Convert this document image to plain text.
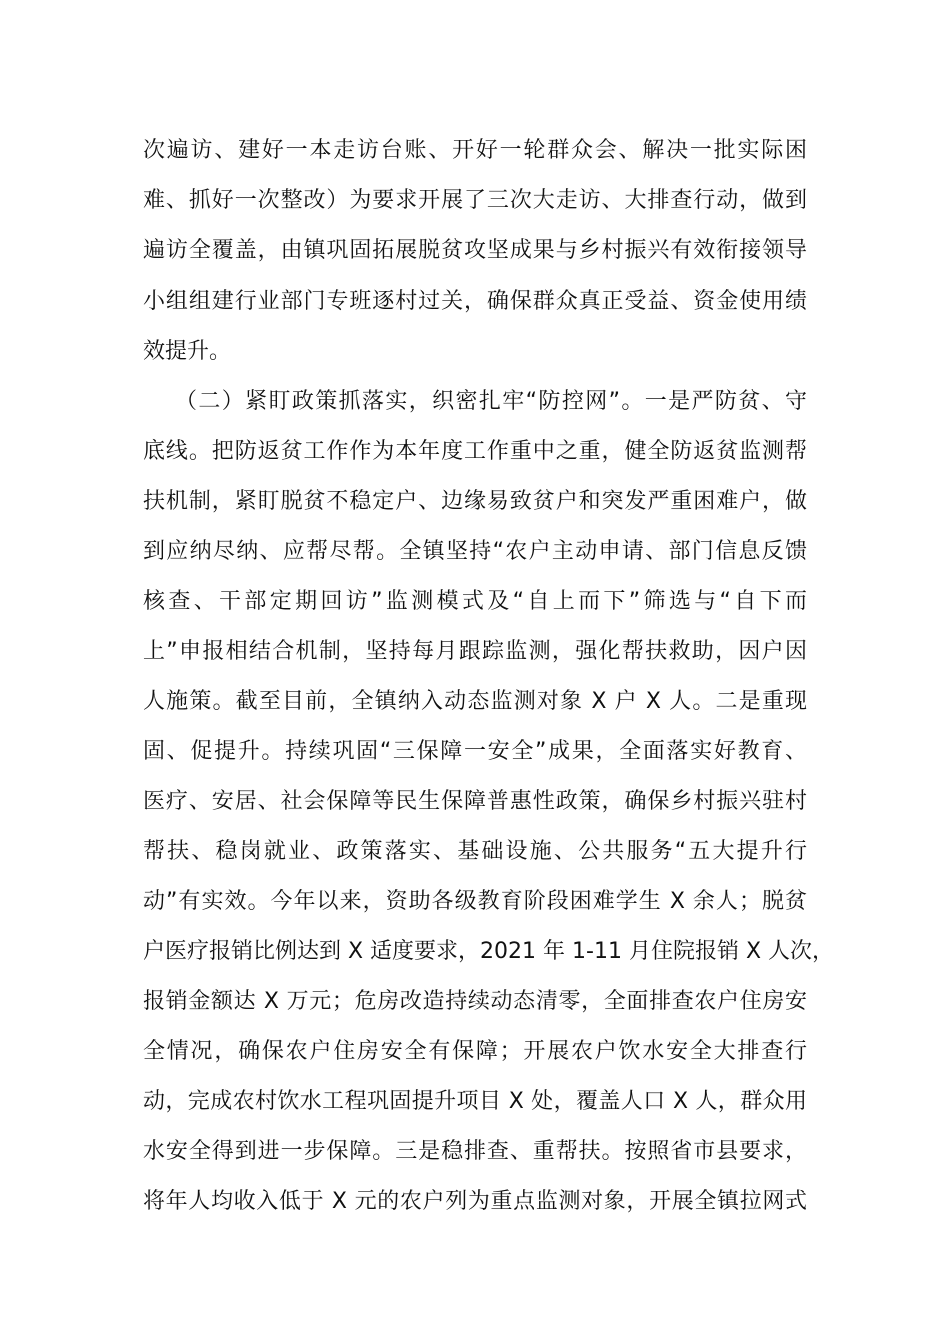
次遍访、建好一本走访台账、开好一轮群众会、解决一批实际困
难、抓好一次整改）为要求开展了三次大走访、大排查行动，做到
遍访全覆盖，由镇巩固拓展脱贫攻坚成果与乡村振兴有效衔接领导
小组组建行业部门专班逐村过关，确保群众真正受益、资金使用绩
效提升。
（二）紧盯政策抓落实，织密扎牢“防控网”。一是严防贫、守
底线。把防返贫工作作为本年度工作重中之重，健全防返贫监测帮
扶机制，紧盯脱贫不稳定户、边缘易致贫户和突发严重困难户，做
到应纳尽纳、应帮尽帮。全镇坚持“农户主动申请、部门信息反馈
核查、干部定期回访”监测模式及“自上而下”筛选与“自下而
上”申报相结合机制，坚持每月跟踪监测，强化帮扶救助，因户因
人施策。截至目前，全镇纳入动态监测对象 X 户 X 人。二是重现
固、促提升。持续巩固“三保障一安全”成果，全面落实好教育、
医疗、安居、社会保障等民生保障普惠性政策，确保乡村振兴驻村
帮扶、稳岗就业、政策落实、基础设施、公共服务“五大提升行
动”有实效。今年以来，资助各级教育阶段困难学生 X 余人；脱贫
户医疗报销比例达到 X 适度要求，2021 年 1-11 月住院报销 X 人次，
报销金额达 X 万元；危房改造持续动态清零，全面排查农户住房安
全情况，确保农户住房安全有保障；开展农户饮水安全大排查行
动，完成农村饮水工程巩固提升项目 X 处，覆盖人口 X 人，群众用
水安全得到进一步保障。三是稳排查、重帮扶。按照省市县要求，
将年人均收入低于 X 元的农户列为重点监测对象，开展全镇拉网式
